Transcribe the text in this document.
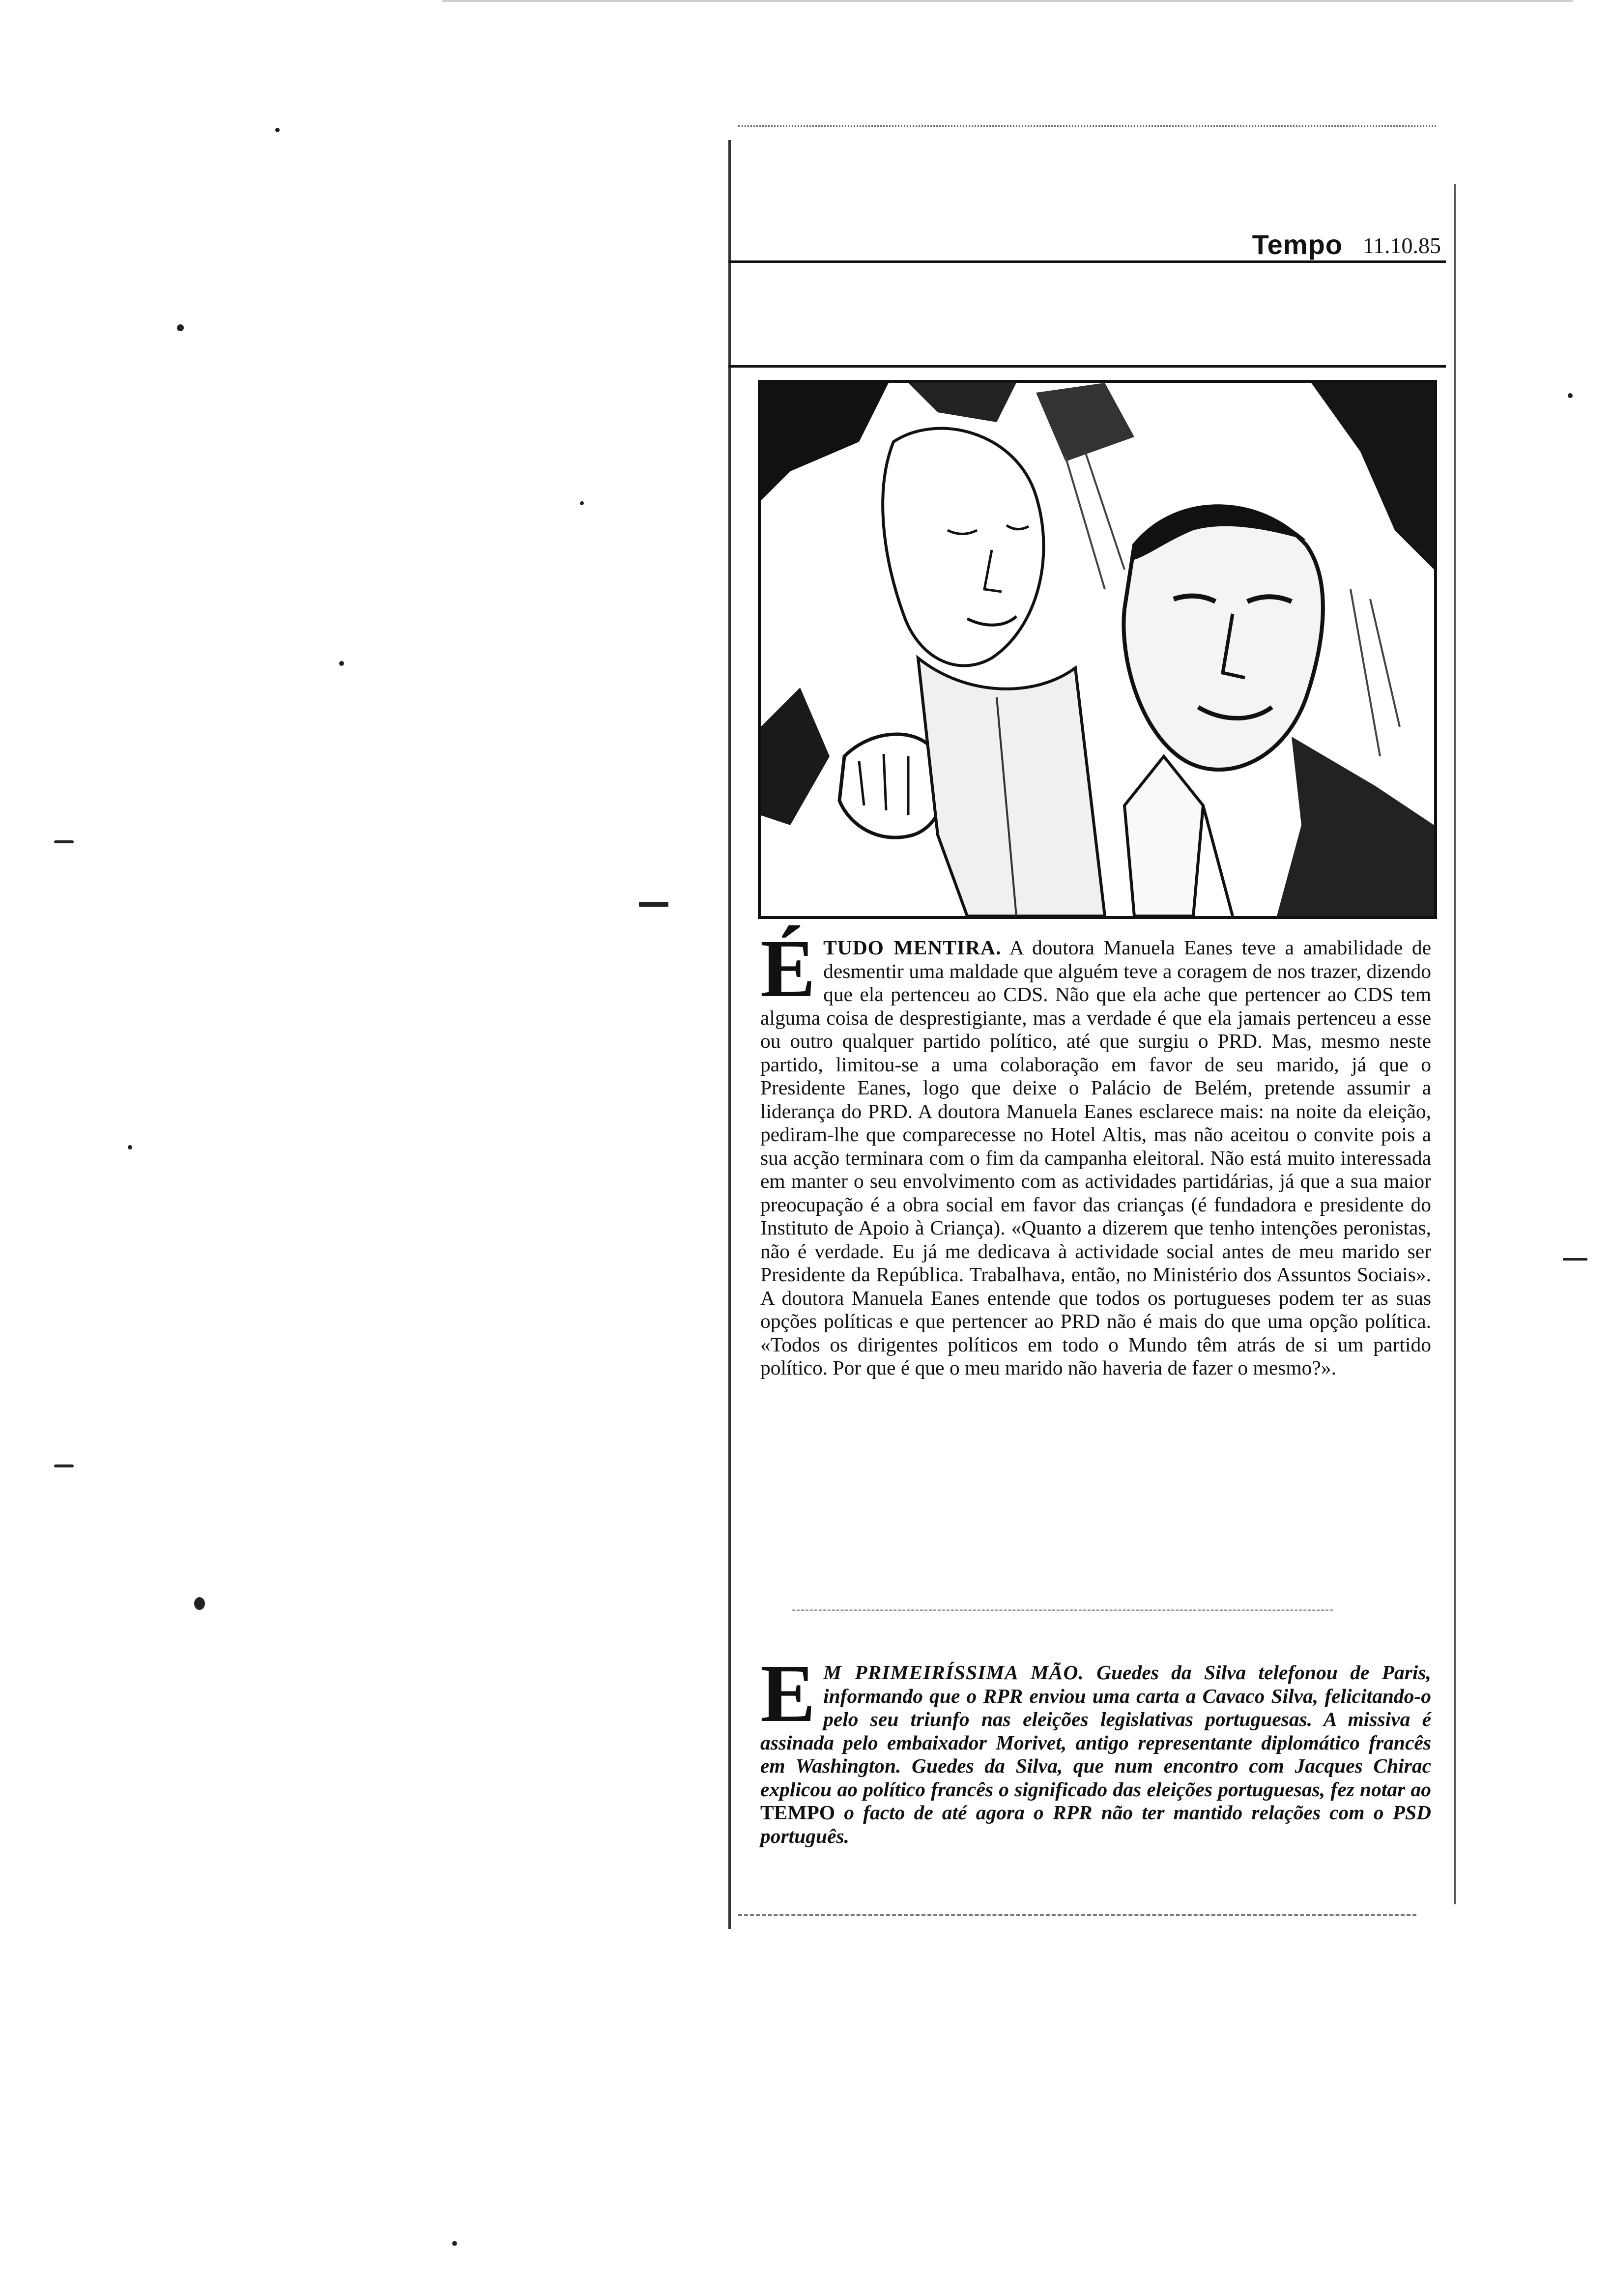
Tempo 11.10.85

É TUDO MENTIRA. A doutora Manuela Eanes teve a amabilidade de desmentir uma maldade que alguém teve a coragem de nos trazer, dizendo que ela pertenceu ao CDS. Não que ela ache que pertencer ao CDS tem alguma coisa de desprestigiante, mas a verdade é que ela jamais pertenceu a esse ou outro qualquer partido político, até que surgiu o PRD. Mas, mesmo neste partido, limitou-se a uma colaboração em favor de seu marido, já que o Presidente Eanes, logo que deixe o Palácio de Belém, pretende assumir a liderança do PRD. A doutora Manuela Eanes esclarece mais: na noite da eleição, pediram-lhe que comparecesse no Hotel Altis, mas não aceitou o convite pois a sua acção terminara com o fim da campanha eleitoral. Não está muito interessada em manter o seu envolvimento com as actividades partidárias, já que a sua maior preocupação é a obra social em favor das crianças (é fundadora e presidente do Instituto de Apoio à Criança). «Quanto a dizerem que tenho intenções peronistas, não é verdade. Eu já me dedicava à actividade social antes de meu marido ser Presidente da República. Trabalhava, então, no Ministério dos Assuntos Sociais». A doutora Manuela Eanes entende que todos os portugueses podem ter as suas opções políticas e que pertencer ao PRD não é mais do que uma opção política. «Todos os dirigentes políticos em todo o Mundo têm atrás de si um partido político. Por que é que o meu marido não haveria de fazer o mesmo?».

E M PRIMEIRÍSSIMA MÃO. Guedes da Silva telefonou de Paris, informando que o RPR enviou uma carta a Cavaco Silva, felicitando-o pelo seu triunfo nas eleições legislativas portuguesas. A missiva é assinada pelo embaixador Morivet, antigo representante diplomático francês em Washington. Guedes da Silva, que num encontro com Jacques Chirac explicou ao político francês o significado das eleições portuguesas, fez notar ao TEMPO o facto de até agora o RPR não ter mantido relações com o PSD português.
